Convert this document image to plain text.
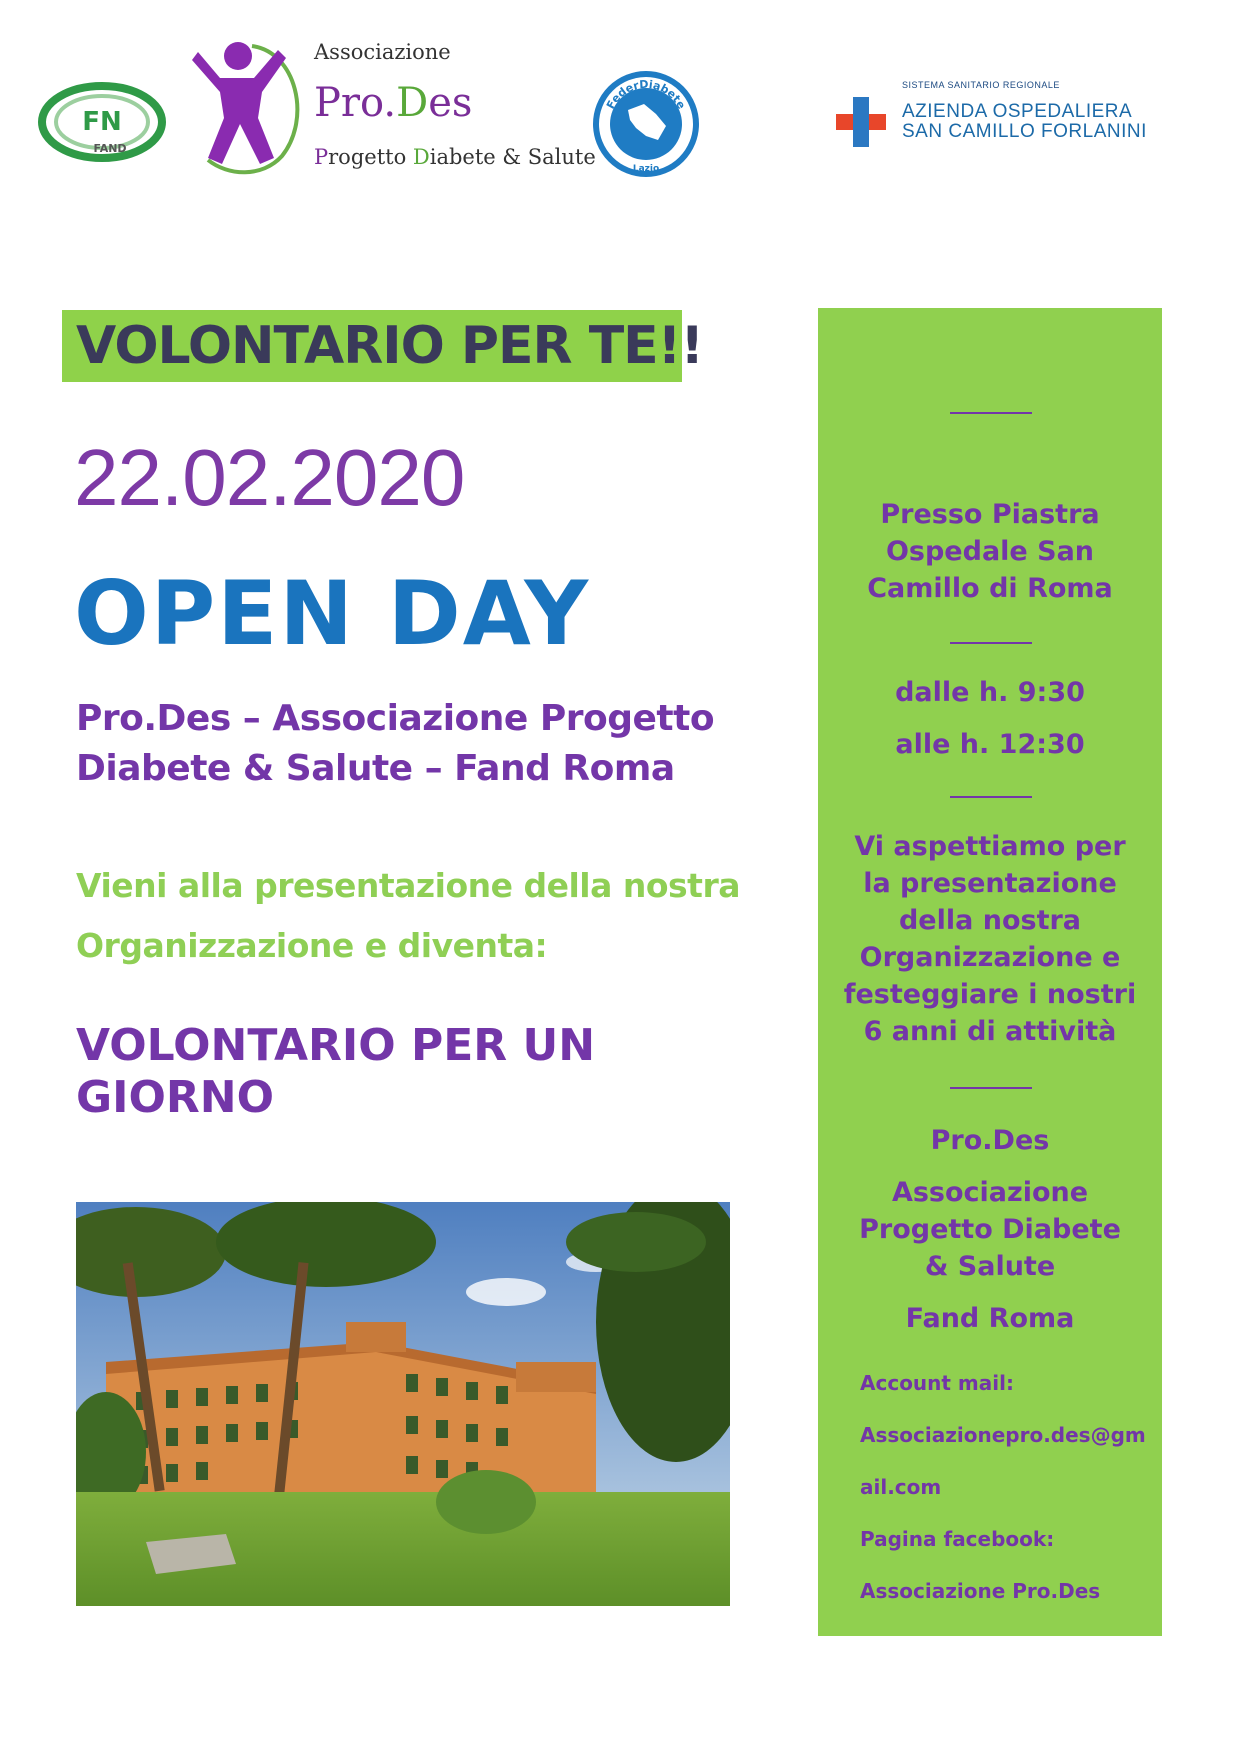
FN
FAND
Associazione
Pro.Des
Progetto Diabete & Salute
FederDiabete
Lazio
SISTEMA SANITARIO REGIONALE
AZIENDA OSPEDALIERA
SAN CAMILLO FORLANINI
VOLONTARIO PER TE!!
22.02.2020
OPEN DAY
Pro.Des – Associazione Progetto
Diabete & Salute – Fand Roma
Vieni alla presentazione della nostra
Organizzazione e diventa:
VOLONTARIO PER UN
GIORNO
Presso Piastra
Ospedale San
Camillo di Roma
dalle h. 9:30
alle h. 12:30
Vi aspettiamo per
la presentazione
della nostra
Organizzazione e
festeggiare i nostri
6 anni di attività
Pro.Des
Associazione
Progetto Diabete
& Salute
Fand Roma
Account mail:
Associazionepro.des@gm
ail.com
Pagina facebook:
Associazione Pro.Des
